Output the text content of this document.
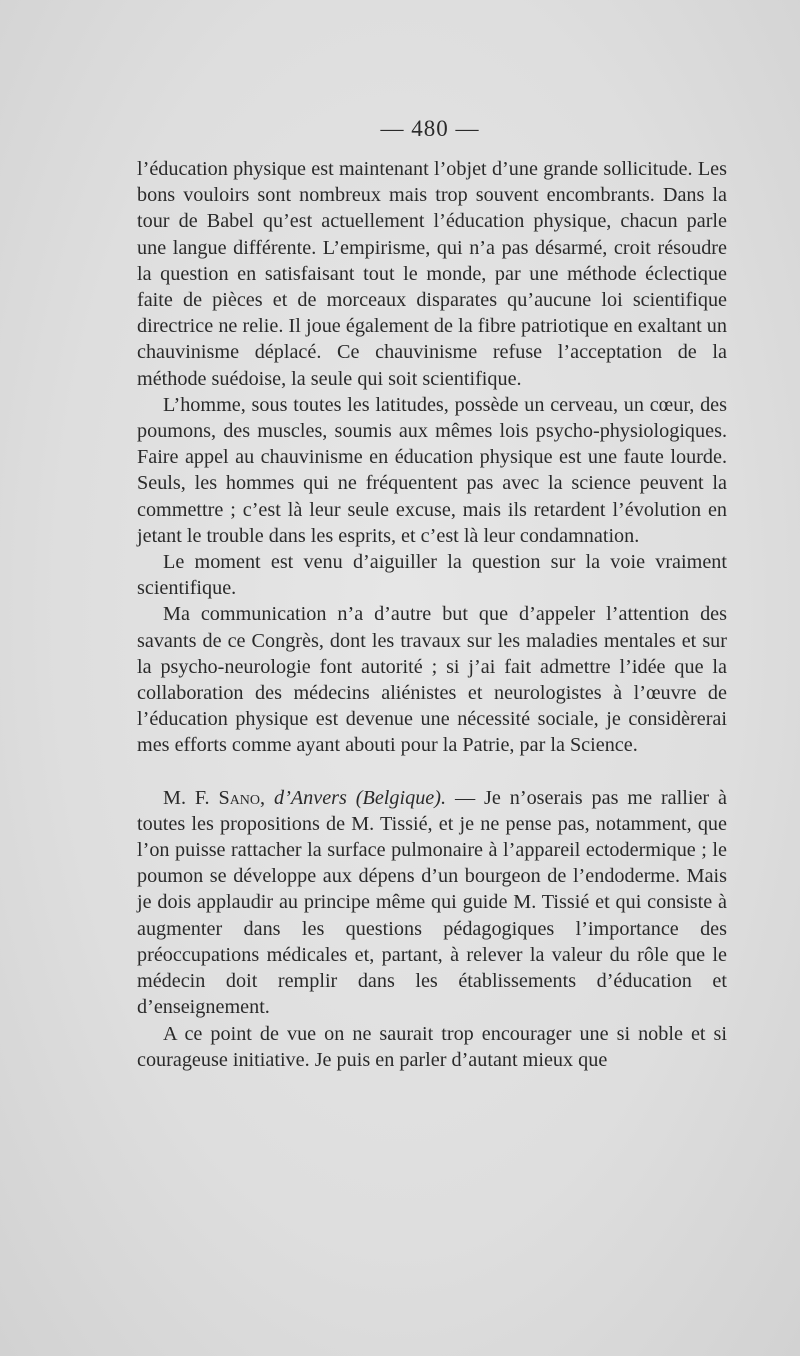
— 480 —

l’éducation physique est maintenant l’objet d’une grande sollicitude. Les bons vouloirs sont nombreux mais trop souvent encombrants. Dans la tour de Babel qu’est actuellement l’éducation physique, chacun parle une langue différente. L’empirisme, qui n’a pas désarmé, croit résoudre la question en satisfaisant tout le monde, par une méthode éclectique faite de pièces et de morceaux disparates qu’aucune loi scientifique directrice ne relie. Il joue également de la fibre patriotique en exaltant un chauvinisme déplacé. Ce chauvinisme refuse l’acceptation de la méthode suédoise, la seule qui soit scientifique.

L’homme, sous toutes les latitudes, possède un cerveau, un cœur, des poumons, des muscles, soumis aux mêmes lois psycho-physiologiques. Faire appel au chauvinisme en éducation physique est une faute lourde. Seuls, les hommes qui ne fréquentent pas avec la science peuvent la commettre ; c’est là leur seule excuse, mais ils retardent l’évolution en jetant le trouble dans les esprits, et c’est là leur condamnation.

Le moment est venu d’aiguiller la question sur la voie vraiment scientifique.

Ma communication n’a d’autre but que d’appeler l’attention des savants de ce Congrès, dont les travaux sur les maladies mentales et sur la psycho-neurologie font autorité ; si j’ai fait admettre l’idée que la collaboration des médecins aliénistes et neurologistes à l’œuvre de l’éducation physique est devenue une nécessité sociale, je considèrerai mes efforts comme ayant abouti pour la Patrie, par la Science.

M. F. Sano, d’Anvers (Belgique). — Je n’oserais pas me rallier à toutes les propositions de M. Tissié, et je ne pense pas, notamment, que l’on puisse rattacher la surface pulmonaire à l’appareil ectodermique ; le poumon se développe aux dépens d’un bourgeon de l’endoderme. Mais je dois applaudir au principe même qui guide M. Tissié et qui consiste à augmenter dans les questions pédagogiques l’importance des préoccupations médicales et, partant, à relever la valeur du rôle que le médecin doit remplir dans les établissements d’éducation et d’enseignement.

A ce point de vue on ne saurait trop encourager une si noble et si courageuse initiative. Je puis en parler d’autant mieux que
